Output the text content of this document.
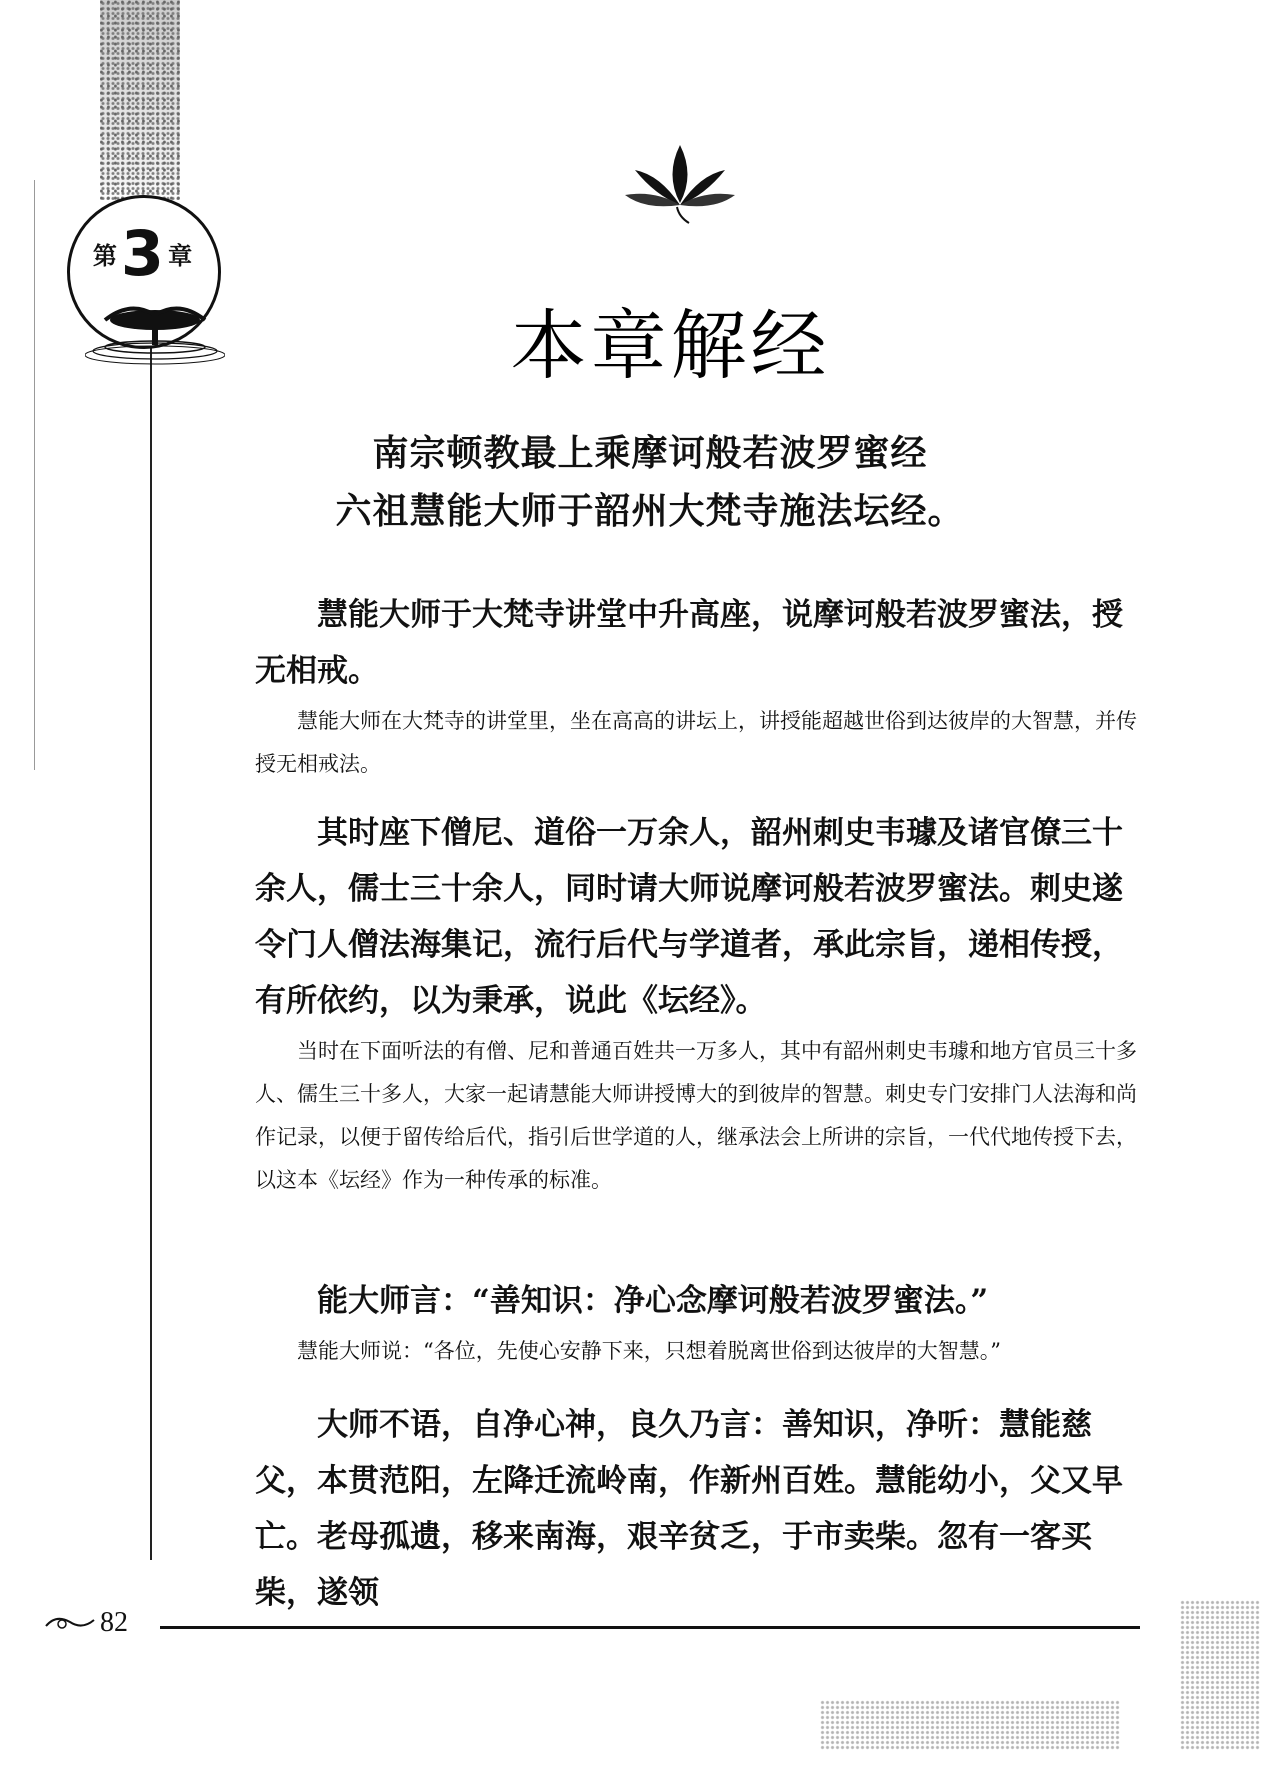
第3 章
本章解经
南宗顿教最上乘摩诃般若波罗蜜经
六祖慧能大师于韶州大梵寺施法坛经。

慧能大师于大梵寺讲堂中升高座，说摩诃般若波罗蜜法，授无相戒。

慧能大师在大梵寺的讲堂里，坐在高高的讲坛上，讲授能超越世俗到达彼岸的大智慧，并传授无相戒法。

其时座下僧尼、道俗一万余人，韶州刺史韦璩及诸官僚三十余人，儒士三十余人，同时请大师说摩诃般若波罗蜜法。刺史遂令门人僧法海集记，流行后代与学道者，承此宗旨，递相传授，有所依约，以为秉承，说此《坛经》。

当时在下面听法的有僧、尼和普通百姓共一万多人，其中有韶州刺史韦璩和地方官员三十多人、儒生三十多人，大家一起请慧能大师讲授博大的到彼岸的智慧。刺史专门安排门人法海和尚作记录，以便于留传给后代，指引后世学道的人，继承法会上所讲的宗旨，一代代地传授下去，以这本《坛经》作为一种传承的标准。

能大师言：“善知识：净心念摩诃般若波罗蜜法。”

慧能大师说：“各位，先使心安静下来，只想着脱离世俗到达彼岸的大智慧。”

大师不语，自净心神，良久乃言：善知识，净听：慧能慈父，本贯范阳，左降迁流岭南，作新州百姓。慧能幼小，父又早亡。老母孤遗，移来南海，艰辛贫乏，于市卖柴。忽有一客买柴，遂领

82
